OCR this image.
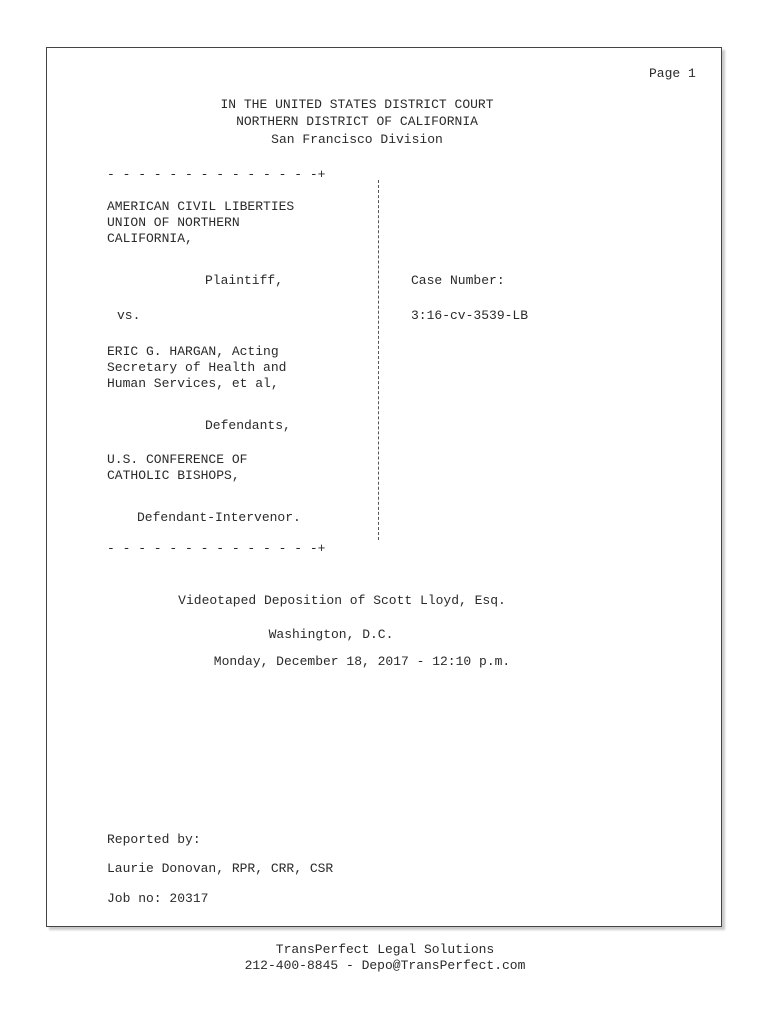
Page 1
IN THE UNITED STATES DISTRICT COURT
NORTHERN DISTRICT OF CALIFORNIA
San Francisco Division
- - - - - - - - - - - - - -+
- - - - - - - - - - - - - -+
AMERICAN CIVIL LIBERTIES
UNION OF NORTHERN
CALIFORNIA,
Plaintiff,
vs.
ERIC G. HARGAN, Acting
Secretary of Health and
Human Services, et al,
Defendants,
U.S. CONFERENCE OF
CATHOLIC BISHOPS,
Defendant-Intervenor.
Case Number:
3:16-cv-3539-LB
Videotaped Deposition of Scott Lloyd, Esq.
Washington, D.C.
Monday, December 18, 2017 - 12:10 p.m.
Reported by:
Laurie Donovan, RPR, CRR, CSR
Job no: 20317
TransPerfect Legal Solutions
212-400-8845 - Depo@TransPerfect.com
